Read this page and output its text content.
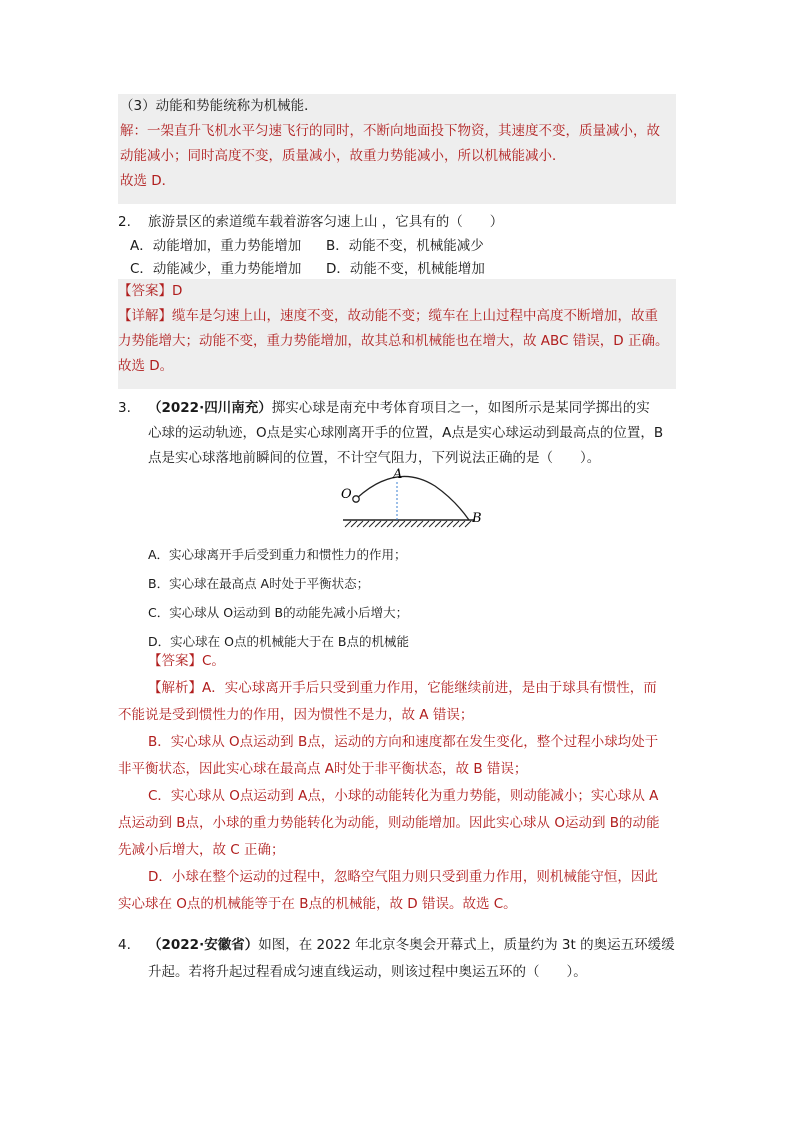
（3）动能和势能统称为机械能．
解：一架直升飞机水平匀速飞行的同时，不断向地面投下物资，其速度不变，质量减小，故
动能减小；同时高度不变，质量减小，故重力势能减小，所以机械能减小．
故选 D．
2. 旅游景区的索道缆车载着游客匀速上山 ，它具有的（　　）
A．动能增加，重力势能增加 B．动能不变，机械能减少
C．动能减少，重力势能增加 D．动能不变，机械能增加
【答案】D
【详解】缆车是匀速上山，速度不变，故动能不变；缆车在上山过程中高度不断增加，故重
力势能增大；动能不变，重力势能增加，故其总和机械能也在增大，故 ABC 错误，D 正确。
故选 D。
3. （2022·四川南充）掷实心球是南充中考体育项目之一，如图所示是某同学掷出的实
心球的运动轨迹，O点是实心球刚离开手的位置，A点是实心球运动到最高点的位置，B
点是实心球落地前瞬间的位置，不计空气阻力，下列说法正确的是（　　）。
O
A
B
A．实心球离开手后受到重力和惯性力的作用；
B．实心球在最高点 A时处于平衡状态；
C．实心球从 O运动到 B的动能先减小后增大；
D．实心球在 O点的机械能大于在 B点的机械能
【答案】C。
【解析】A．实心球离开手后只受到重力作用，它能继续前进，是由于球具有惯性，而
不能说是受到惯性力的作用，因为惯性不是力，故 A 错误；
B．实心球从 O点运动到 B点，运动的方向和速度都在发生变化，整个过程小球均处于
非平衡状态，因此实心球在最高点 A时处于非平衡状态，故 B 错误；
C．实心球从 O点运动到 A点，小球的动能转化为重力势能，则动能减小；实心球从 A
点运动到 B点，小球的重力势能转化为动能，则动能增加。因此实心球从 O运动到 B的动能
先减小后增大，故 C 正确；
D．小球在整个运动的过程中，忽略空气阻力则只受到重力作用，则机械能守恒，因此
实心球在 O点的机械能等于在 B点的机械能，故 D 错误。故选 C。
4. （2022·安徽省）如图，在 2022 年北京冬奥会开幕式上，质量约为 3t 的奥运五环缓缓
升起。若将升起过程看成匀速直线运动，则该过程中奥运五环的（　　）。
